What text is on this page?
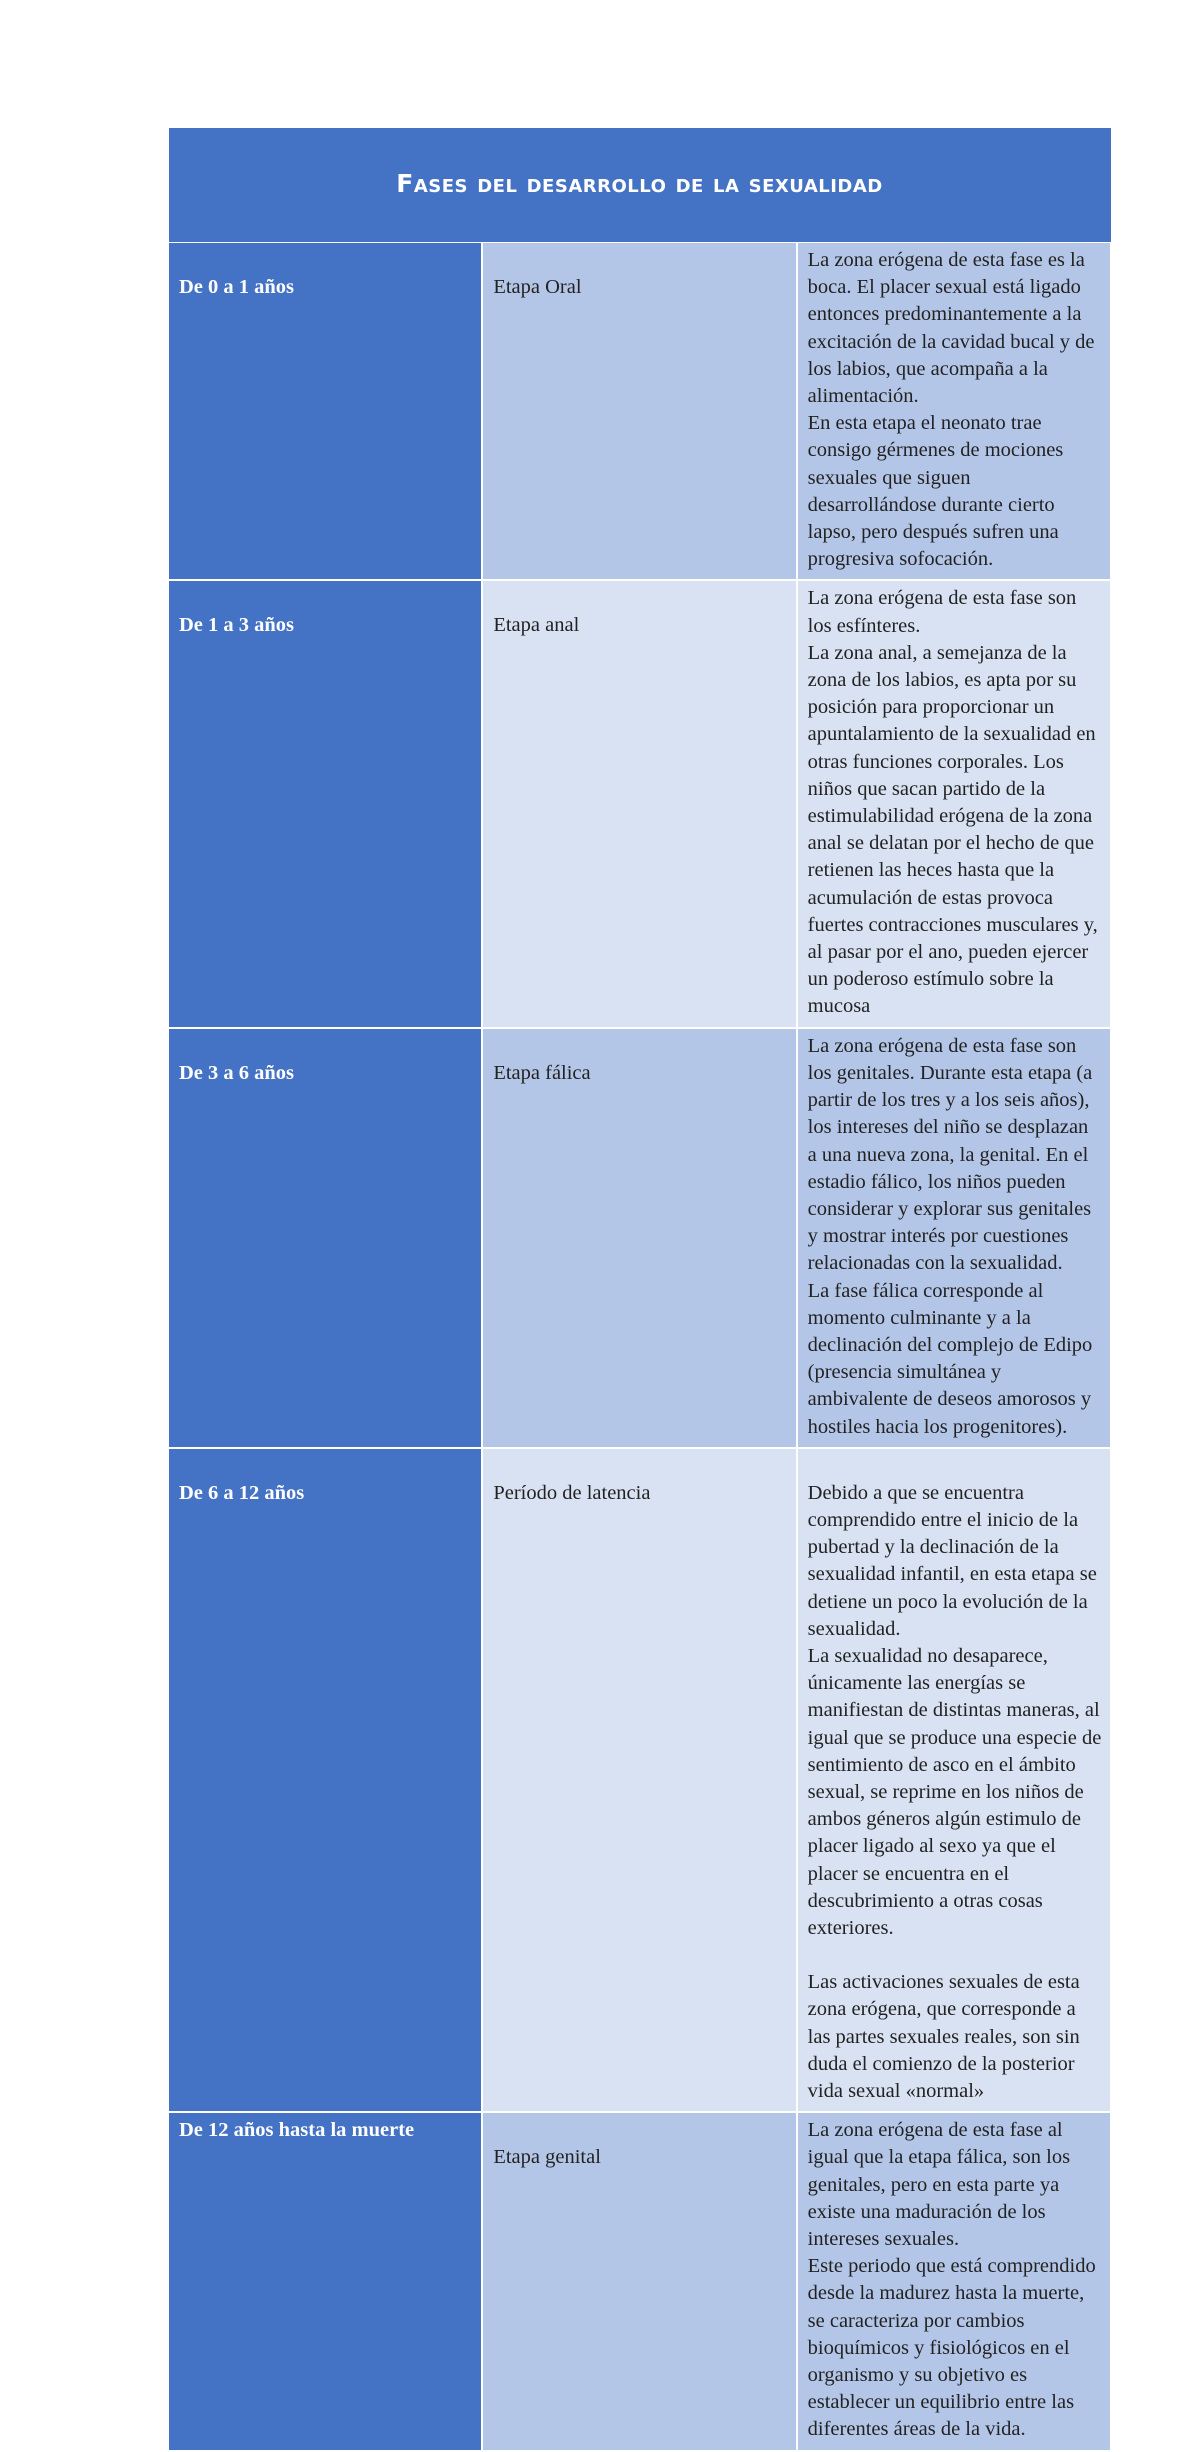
Fases del desarrollo de la sexualidad		
De 0 a 1 años	Etapa Oral	La zona erógena de esta fase es la boca. El placer sexual está ligado entonces predominantemente a la excitación de la cavidad bucal y de los labios, que acompaña a la alimentación.

En esta etapa el neonato trae consigo gérmenes de mociones sexuales que siguen desarrollándose durante cierto lapso, pero después sufren una progresiva sofocación.

De 1 a 3 años	Etapa anal	La zona erógena de esta fase son los esfínteres.

La zona anal, a semejanza de la zona de los labios, es apta por su posición para proporcionar un apuntalamiento de la sexualidad en otras funciones corporales. Los niños que sacan partido de la estimulabilidad erógena de la zona anal se delatan por el hecho de que retienen las heces hasta que la acumulación de estas provoca fuertes contracciones musculares y, al pasar por el ano, pueden ejercer un poderoso estímulo sobre la mucosa

De 3 a 6 años	Etapa fálica	La zona erógena de esta fase son los genitales. Durante esta etapa (a partir de los tres y a los seis años), los intereses del niño se desplazan a una nueva zona, la genital. En el estadio fálico, los niños pueden considerar y explorar sus genitales y mostrar interés por cuestiones relacionadas con la sexualidad.

La fase fálica corresponde al momento culminante y a la declinación del complejo de Edipo (presencia simultánea y ambivalente de deseos amorosos y hostiles hacia los progenitores).

De 6 a 12 años	Período de latencia	Debido a que se encuentra comprendido entre el inicio de la pubertad y la declinación de la sexualidad infantil, en esta etapa se detiene un poco la evolución de la sexualidad.

La sexualidad no desaparece, únicamente las energías se manifiestan de distintas maneras, al igual que se produce una especie de sentimiento de asco en el ámbito sexual, se reprime en los niños de ambos géneros algún estimulo de placer ligado al sexo ya que el placer se encuentra en el descubrimiento a otras cosas exteriores.

Las activaciones sexuales de esta zona erógena, que corresponde a las partes sexuales reales, son sin duda el comienzo de la posterior vida sexual «normal»

De 12 años hasta la muerte	Etapa genital	La zona erógena de esta fase al igual que la etapa fálica, son los genitales, pero en esta parte ya existe una maduración de los intereses sexuales.

Este periodo que está comprendido desde la madurez hasta la muerte, se caracteriza por cambios bioquímicos y fisiológicos en el organismo y su objetivo es establecer un equilibrio entre las diferentes áreas de la vida.
